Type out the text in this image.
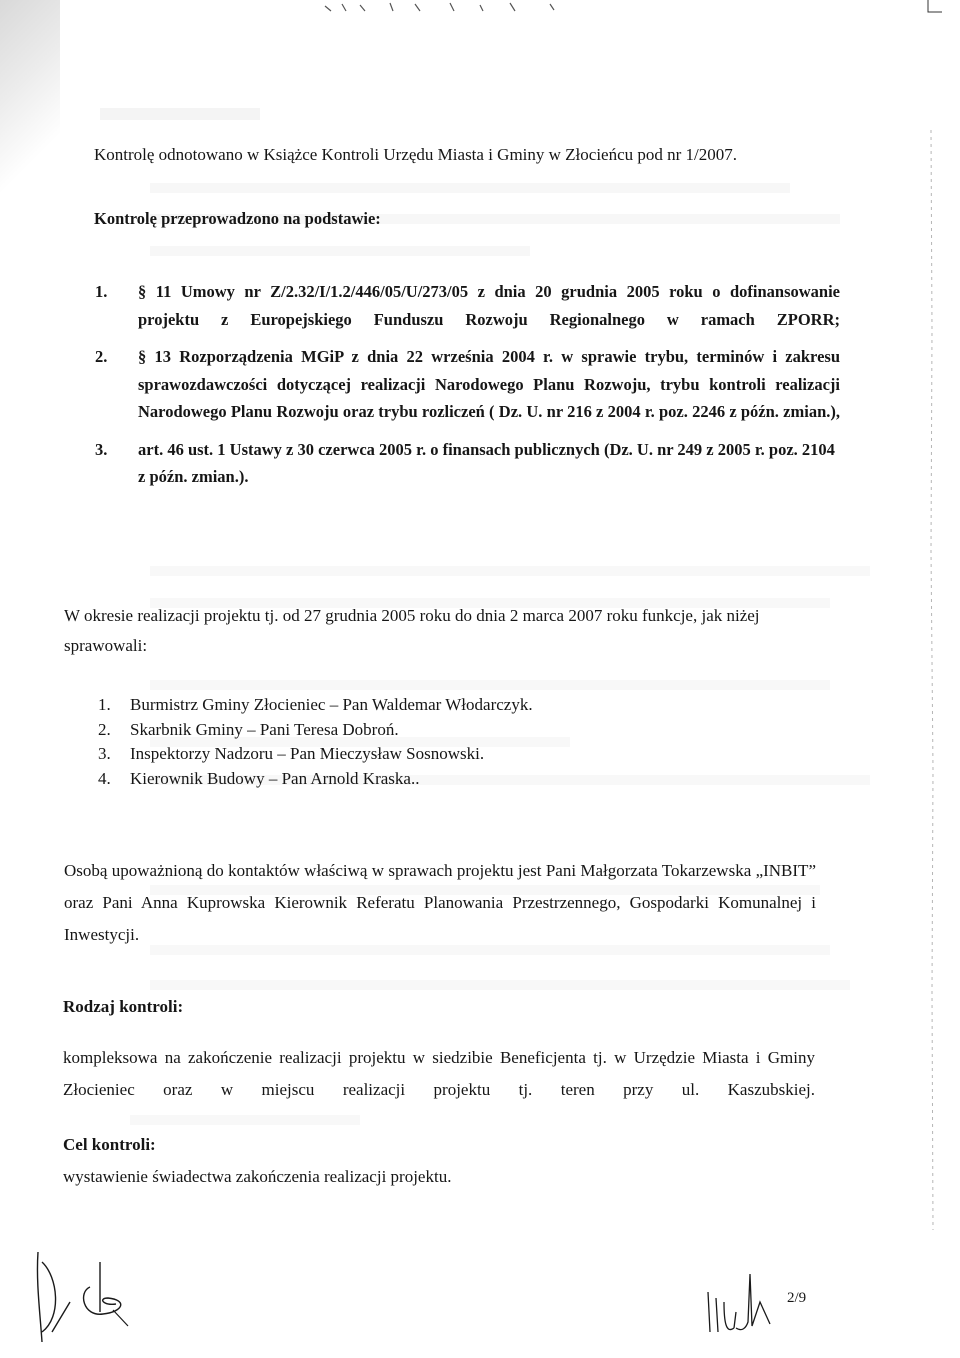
Kontrolę odnotowano w Książce Kontroli Urzędu Miasta i Gminy w Złocieńcu pod nr 1/2007.

Kontrolę przeprowadzono na podstawie:

1. § 11 Umowy nr Z/2.32/I/1.2/446/05/U/273/05 z dnia 20 grudnia 2005 roku o dofinansowanie projektu z Europejskiego Funduszu Rozwoju Regionalnego w ramach ZPORR;
2. § 13 Rozporządzenia MGiP z dnia 22 września 2004 r. w sprawie trybu, terminów i zakresu sprawozdawczości dotyczącej realizacji Narodowego Planu Rozwoju, trybu kontroli realizacji Narodowego Planu Rozwoju oraz trybu rozliczeń ( Dz. U. nr 216 z 2004 r. poz. 2246 z późn. zmian.),
3. art. 46 ust. 1 Ustawy z 30 czerwca 2005 r. o finansach publicznych (Dz. U. nr 249 z 2005 r. poz. 2104 z późn. zmian.).

W okresie realizacji projektu tj. od 27 grudnia 2005 roku do dnia 2 marca 2007 roku funkcje, jak niżej sprawowali:

1. Burmistrz Gminy Złocieniec – Pan Waldemar Włodarczyk.
2. Skarbnik Gminy – Pani Teresa Dobroń.
3. Inspektorzy Nadzoru – Pan Mieczysław Sosnowski.
4. Kierownik Budowy – Pan Arnold Kraska..

Osobą upoważnioną do kontaktów właściwą w sprawach projektu jest Pani Małgorzata Tokarzewska „INBIT” oraz Pani Anna Kuprowska Kierownik Referatu Planowania Przestrzennego, Gospodarki Komunalnej i Inwestycji.

Rodzaj kontroli:

kompleksowa na zakończenie realizacji projektu w siedzibie Beneficjenta tj. w Urzędzie Miasta i Gminy Złocieniec oraz w miejscu realizacji projektu tj. teren przy ul. Kaszubskiej.

Cel kontroli:

wystawienie świadectwa zakończenia realizacji projektu.

2/9
